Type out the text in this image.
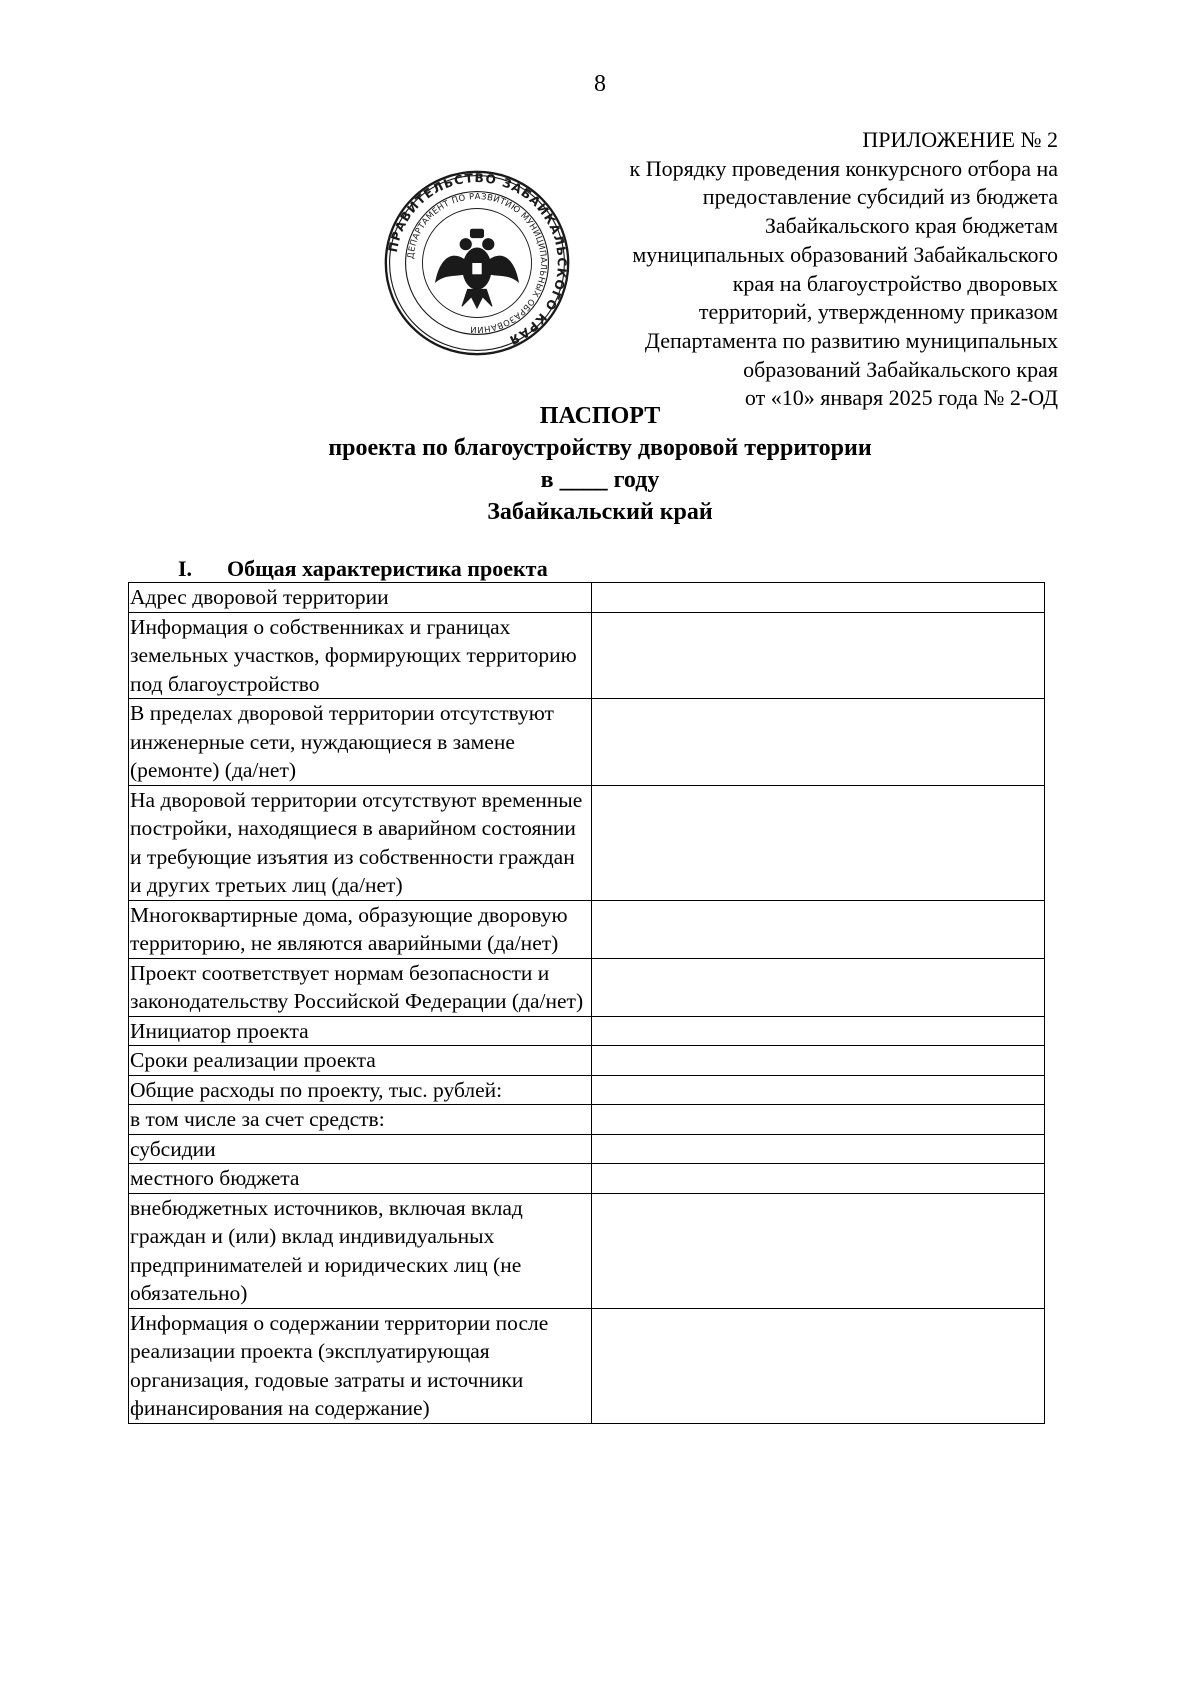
8
ПРИЛОЖЕНИЕ № 2
к Порядку проведения конкурсного отбора на
предоставление субсидий из бюджета
Забайкальского края бюджетам
муниципальных образований Забайкальского
края на благоустройство дворовых
территорий, утвержденному приказом
Департамента по развитию муниципальных
образований Забайкальского края
от «10» января 2025 года № 2-ОД
ПРАВИТЕЛЬСТВО ЗАБАЙКАЛЬСКОГО КРАЯ
ДЕПАРТАМЕНТ ПО РАЗВИТИЮ МУНИЦИПАЛЬНЫХ ОБРАЗОВАНИЙ
ПАСПОРТ
проекта по благоустройству дворовой территории
в ____ году
Забайкальский край
I. Общая характеристика проекта
Адрес дворовой территории	
Информация о собственниках и границах земельных участков, формирующих территорию под благоустройство	
В пределах дворовой территории отсутствуют инженерные сети, нуждающиеся в замене (ремонте) (да/нет)	
На дворовой территории отсутствуют временные постройки, находящиеся в аварийном состоянии и требующие изъятия из собственности граждан и других третьих лиц (да/нет)	
Многоквартирные дома, образующие дворовую территорию, не являются аварийными (да/нет)	
Проект соответствует нормам безопасности и законодательству Российской Федерации (да/нет)	
Инициатор проекта	
Сроки реализации проекта	
Общие расходы по проекту, тыс. рублей:	
в том числе за счет средств:	
субсидии	
местного бюджета	
внебюджетных источников, включая вклад граждан и (или) вклад индивидуальных предпринимателей и юридических лиц (не обязательно)	
Информация о содержании территории после реализации проекта (эксплуатирующая организация, годовые затраты и источники финансирования на содержание)	
